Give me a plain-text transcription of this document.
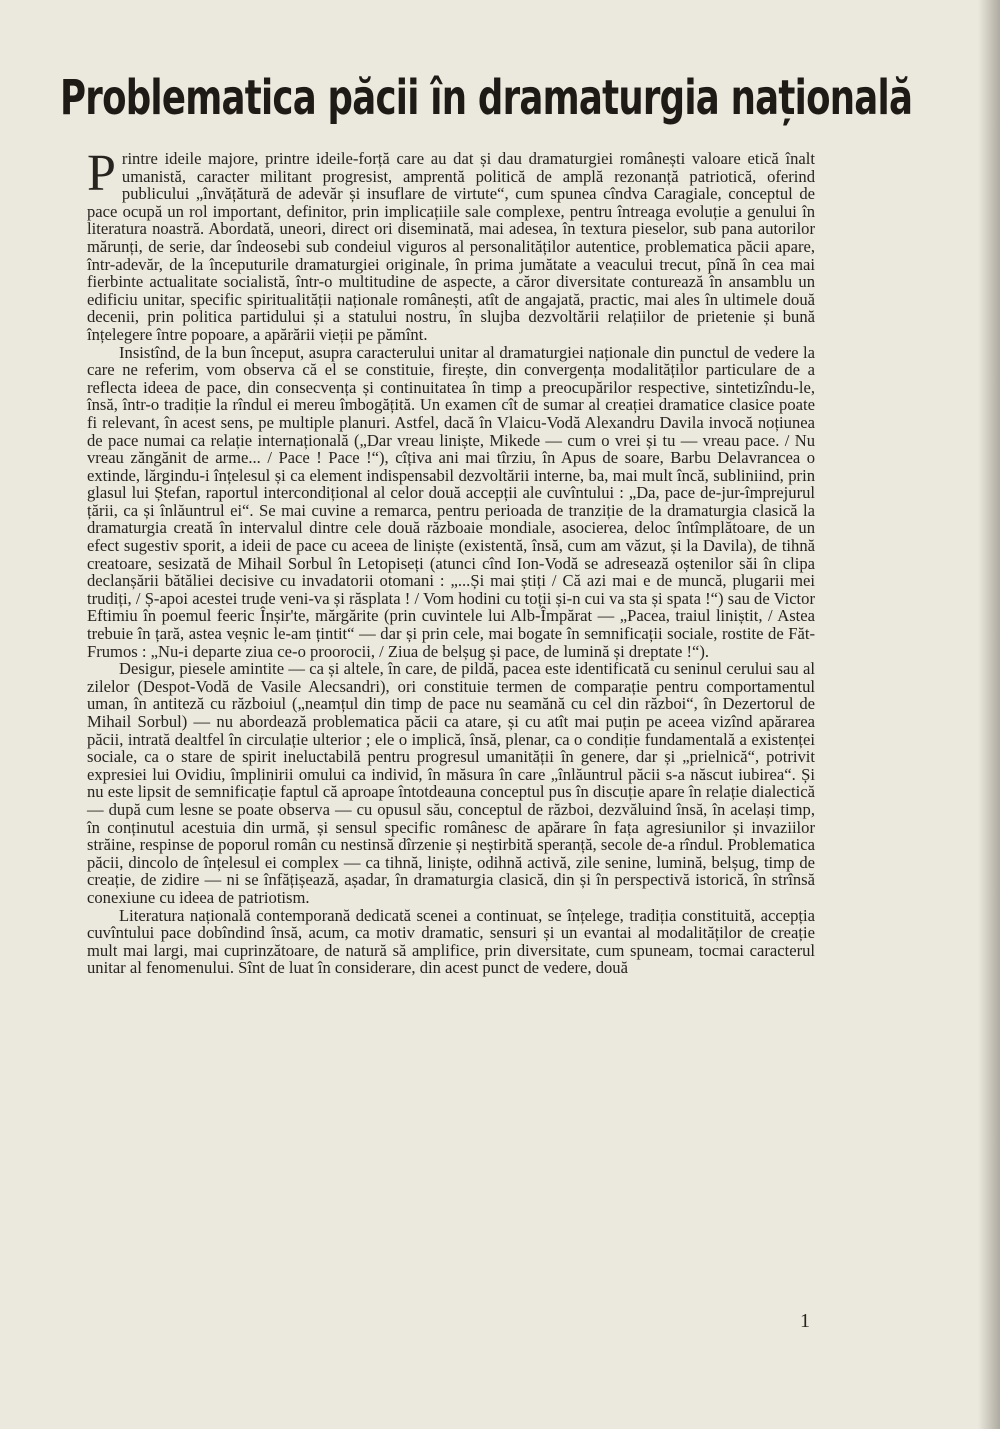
Problematica păcii în dramaturgia națională

Printre ideile majore, printre ideile-forță care au dat și dau dramaturgiei românești valoare etică înalt umanistă, caracter militant progresist, amprentă politică de amplă rezonanță patriotică, oferind publicului „învățătură de adevăr și insuflare de virtute“, cum spunea cîndva Caragiale, conceptul de pace ocupă un rol important, definitor, prin implicațiile sale complexe, pentru întreaga evoluție a genului în literatura noastră. Abordată, uneori, direct ori diseminată, mai adesea, în textura pieselor, sub pana autorilor mărunți, de serie, dar îndeosebi sub condeiul viguros al personalităților autentice, problematica păcii apare, într-adevăr, de la începuturile dramaturgiei originale, în prima jumătate a veacului trecut, pînă în cea mai fierbinte actualitate socialistă, într-o multitudine de aspecte, a căror diversitate conturează în ansamblu un edificiu unitar, specific spiritualității naționale românești, atît de angajată, practic, mai ales în ultimele două decenii, prin politica partidului și a statului nostru, în slujba dezvoltării relațiilor de prietenie și bună înțelegere între popoare, a apărării vieții pe pămînt.

Insistînd, de la bun început, asupra caracterului unitar al dramaturgiei naționale din punctul de vedere la care ne referim, vom observa că el se constituie, firește, din convergența modalităților particulare de a reflecta ideea de pace, din consecvența și continuitatea în timp a preocupărilor respective, sintetizîndu-le, însă, într-o tradiție la rîndul ei mereu îmbogățită. Un examen cît de sumar al creației dramatice clasice poate fi relevant, în acest sens, pe multiple planuri. Astfel, dacă în Vlaicu-Vodă Alexandru Davila invocă noțiunea de pace numai ca relație internațională („Dar vreau liniște, Mikede — cum o vrei și tu — vreau pace. / Nu vreau zăngănit de arme... / Pace ! Pace !“), cîțiva ani mai tîrziu, în Apus de soare, Barbu Delavrancea o extinde, lărgindu-i înțelesul și ca element indispensabil dezvoltării interne, ba, mai mult încă, subliniind, prin glasul lui Ștefan, raportul intercondițional al celor două accepții ale cuvîntului : „Da, pace de-jur-împrejurul țării, ca și înlăuntrul ei“. Se mai cuvine a remarca, pentru perioada de tranziție de la dramaturgia clasică la dramaturgia creată în intervalul dintre cele două războaie mondiale, asocierea, deloc întîmplătoare, de un efect sugestiv sporit, a ideii de pace cu aceea de liniște (existentă, însă, cum am văzut, și la Davila), de tihnă creatoare, sesizată de Mihail Sorbul în Letopiseți (atunci cînd Ion-Vodă se adresează oștenilor săi în clipa declanșării bătăliei decisive cu invadatorii otomani : „...Și mai știți / Că azi mai e de muncă, plugarii mei trudiți, / Ș-apoi acestei trude veni-va și răsplata ! / Vom hodini cu toții și-n cui va sta și spata !“) sau de Victor Eftimiu în poemul feeric Înșir'te, mărgărite (prin cuvintele lui Alb-Împărat — „Pacea, traiul liniștit, / Astea trebuie în țară, astea veșnic le-am țintit“ — dar și prin cele, mai bogate în semnificații sociale, rostite de Făt-Frumos : „Nu-i departe ziua ce-o proorocii, / Ziua de belșug și pace, de lumină și dreptate !“).

Desigur, piesele amintite — ca și altele, în care, de pildă, pacea este identificată cu seninul cerului sau al zilelor (Despot-Vodă de Vasile Alecsandri), ori constituie termen de comparație pentru comportamentul uman, în antiteză cu războiul („neamțul din timp de pace nu seamănă cu cel din război“, în Dezertorul de Mihail Sorbul) — nu abordează problematica păcii ca atare, și cu atît mai puțin pe aceea vizînd apărarea păcii, intrată dealtfel în circulație ulterior ; ele o implică, însă, plenar, ca o condiție fundamentală a existenței sociale, ca o stare de spirit ineluctabilă pentru progresul umanității în genere, dar și „prielnică“, potrivit expresiei lui Ovidiu, împlinirii omului ca individ, în măsura în care „înlăuntrul păcii s-a născut iubirea“. Și nu este lipsit de semnificație faptul că aproape întotdeauna conceptul pus în discuție apare în relație dialectică — după cum lesne se poate observa — cu opusul său, conceptul de război, dezvăluind însă, în același timp, în conținutul acestuia din urmă, și sensul specific românesc de apărare în fața agresiunilor și invaziilor străine, respinse de poporul român cu nestinsă dîrzenie și neștirbită speranță, secole de-a rîndul. Problematica păcii, dincolo de înțelesul ei complex — ca tihnă, liniște, odihnă activă, zile senine, lumină, belșug, timp de creație, de zidire — ni se înfățișează, așadar, în dramaturgia clasică, din și în perspectivă istorică, în strînsă conexiune cu ideea de patriotism.

Literatura națională contemporană dedicată scenei a continuat, se înțelege, tradiția constituită, accepția cuvîntului pace dobîndind însă, acum, ca motiv dramatic, sensuri și un evantai al modalităților de creație mult mai largi, mai cuprinzătoare, de natură să amplifice, prin diversitate, cum spuneam, tocmai caracterul unitar al fenomenului. Sînt de luat în considerare, din acest punct de vedere, două

1
